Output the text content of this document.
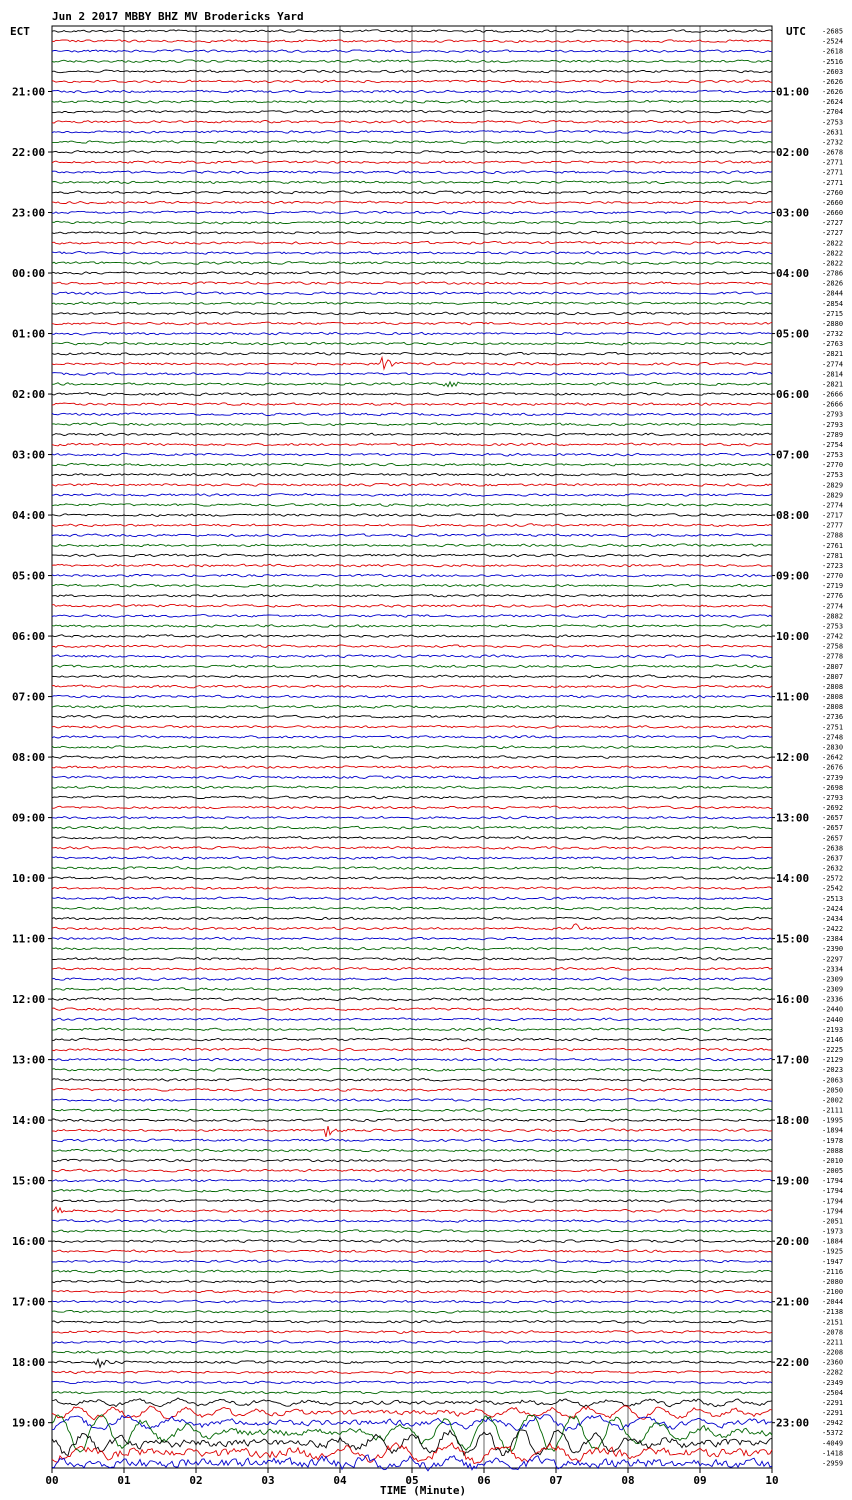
Jun 2 2017 MBBY BHZ MV Brodericks Yard
ECT	UTC
21:00
22:00
23:00
00:00
01:00
02:00
03:00
04:00
05:00
06:00
07:00
08:00
09:00
10:00
11:00
12:00
13:00
14:00
15:00
16:00
17:00
18:00
19:00
01:00
02:00
03:00
04:00
05:00
06:00
07:00
08:00
09:00
10:00
11:00
12:00
13:00
14:00
15:00
16:00
17:00
18:00
19:00
20:00
21:00
22:00
23:00
-2685
-2524
-2618
-2516
-2603
-2626
-2626
-2624
-2704
-2753
-2631
-2732
-2678
-2771
-2771
-2771
-2760
-2660
-2660
-2727
-2727
-2822
-2822
-2822
-2786
-2826
-2844
-2854
-2715
-2880
-2732
-2763
-2821
-2774
-2814
-2821
-2666
-2666
-2793
-2793
-2789
-2754
-2753
-2770
-2753
-2829
-2829
-2774
-2717
-2777
-2788
-2761
-2781
-2723
-2770
-2719
-2776
-2774
-2882
-2753
-2742
-2758
-2778
-2807
-2807
-2808
-2808
-2808
-2736
-2751
-2748
-2830
-2642
-2676
-2739
-2698
-2793
-2692
-2657
-2657
-2657
-2638
-2637
-2632
-2572
-2542
-2513
-2424
-2434
-2422
-2384
-2390
-2297
-2334
-2309
-2309
-2336
-2440
-2440
-2193
-2146
-2225
-2129
-2023
-2063
-2050
-2002
-2111
-1995
-1894
-1978
-2088
-2010
-2005
-1794
-1794
-1794
-1794
-2051
-1973
-1884
-1925
-1947
-2116
-2080
-2100
-2044
-2138
-2151
-2078
-2211
-2208
-2360
-2282
-2349
-2504
-2291
-2291
-2942
-5372
-4049
-1418
-2959
00	01	02	03	04	05	06	07	08	09	10
TIME (Minute)
